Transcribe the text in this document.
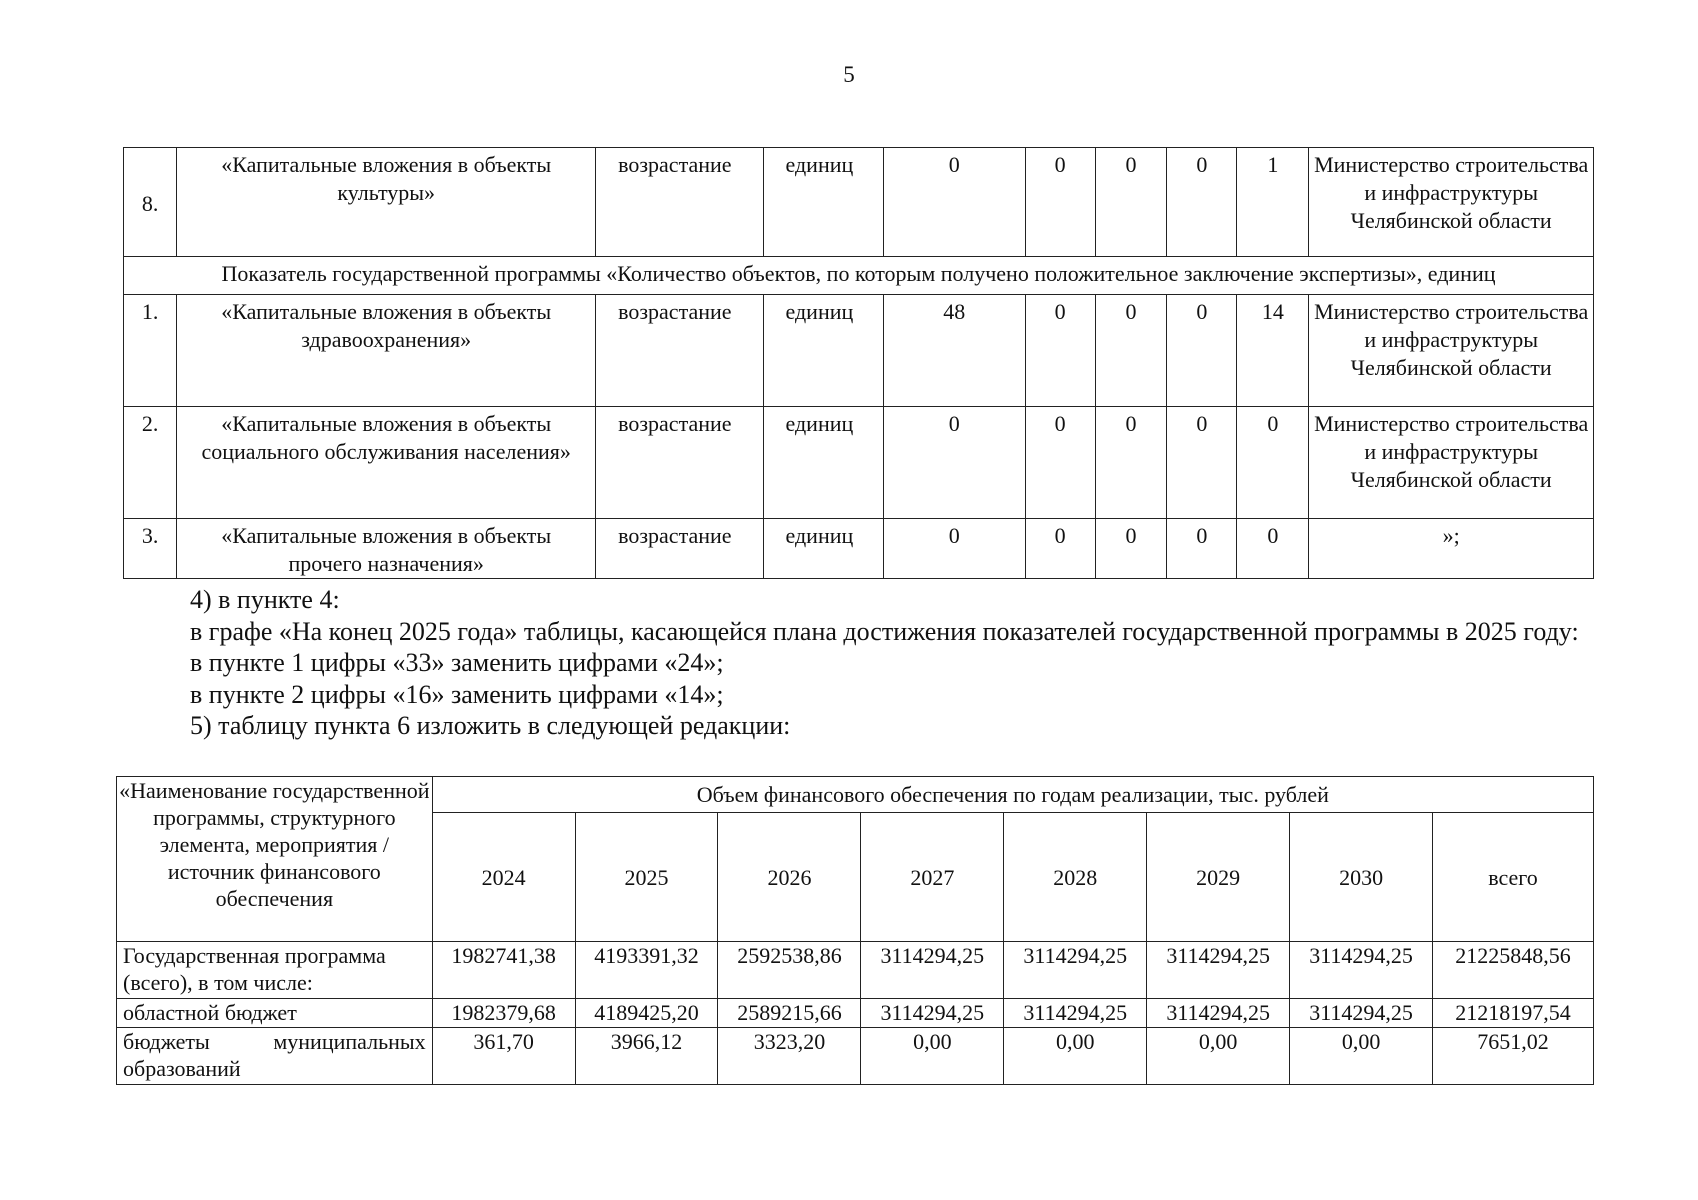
5
8.	«Капитальные вложения в объекты культуры»	возрастание	единиц	0	0	0	0	1	Министерство строительства и инфраструктуры Челябинской области
Показатель государственной программы «Количество объектов, по которым получено положительное заключение экспертизы», единиц									
1.	«Капитальные вложения в объекты здравоохранения»	возрастание	единиц	48	0	0	0	14	Министерство строительства и инфраструктуры Челябинской области
2.	«Капитальные вложения в объекты социального обслуживания населения»	возрастание	единиц	0	0	0	0	0	Министерство строительства и инфраструктуры Челябинской области
3.	«Капитальные вложения в объекты прочего назначения»	возрастание	единиц	0	0	0	0	0	»;

4) в пункте 4:

в графе «На конец 2025 года» таблицы, касающейся плана достижения показателей государственной программы в 2025 году:

в пункте 1 цифры «33» заменить цифрами «24»;

в пункте 2 цифры «16» заменить цифрами «14»;

5) таблицу пункта 6 изложить в следующей редакции:

«Наименование государственной программы, структурного элемента, мероприятия / источник финансового обеспечения	Объем финансового обеспечения по годам реализации, тыс. рублей							
	2024	2025	2026	2027	2028	2029	2030	всего
Государственная программа (всего), в том числе:	1982741,38	4193391,32	2592538,86	3114294,25	3114294,25	3114294,25	3114294,25	21225848,56
областной бюджет	1982379,68	4189425,20	2589215,66	3114294,25	3114294,25	3114294,25	3114294,25	21218197,54

бюджеты муниципальных
образований	361,70	3966,12	3323,20	0,00	0,00	0,00	0,00	7651,02
